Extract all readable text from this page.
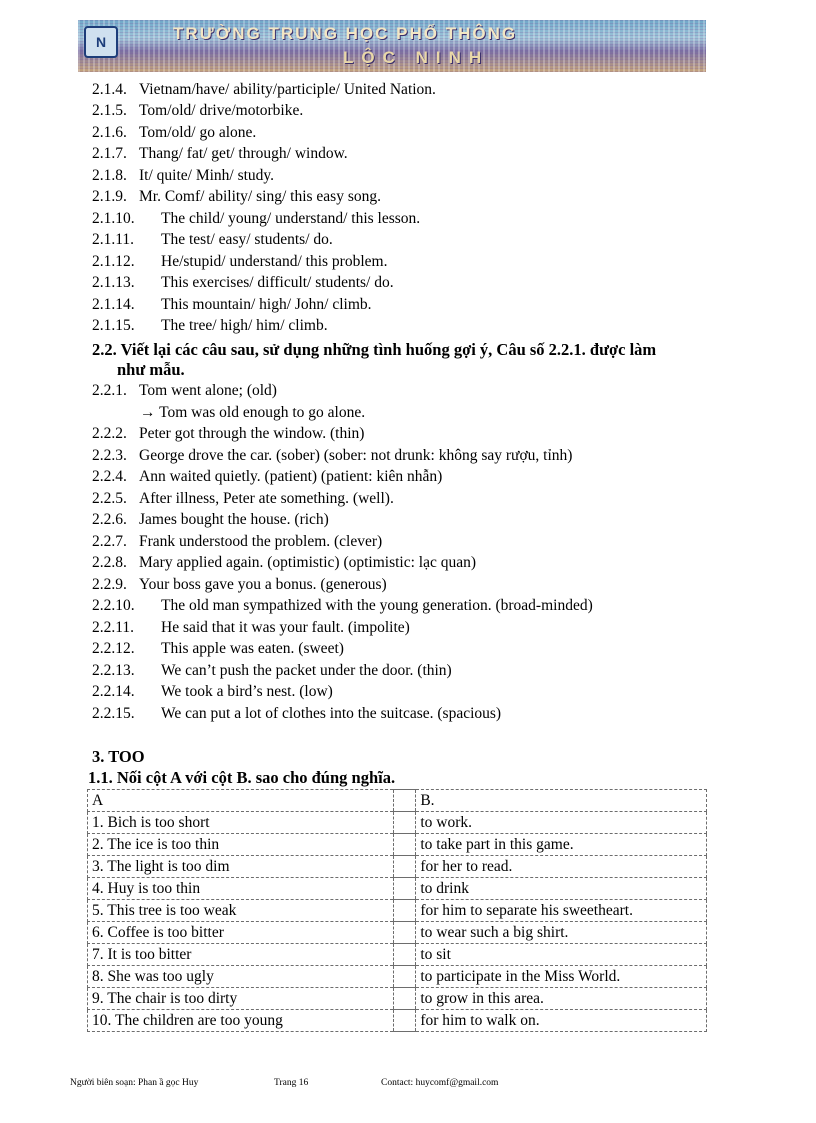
N	TRƯỜNG TRUNG HỌC PHỔ THÔNG
LỘC NINH
2.1.4. Vietnam/have/ ability/participle/ United Nation.
2.1.5. Tom/old/ drive/motorbike.
2.1.6. Tom/old/ go alone.
2.1.7. Thang/ fat/ get/ through/ window.
2.1.8. It/ quite/ Minh/ study.
2.1.9. Mr. Comf/ ability/ sing/ this easy song.
2.1.10. The child/ young/ understand/ this lesson.
2.1.11. The test/ easy/ students/ do.
2.1.12. He/stupid/ understand/ this problem.
2.1.13. This exercises/ difficult/ students/ do.
2.1.14. This mountain/ high/ John/ climb.
2.1.15. The tree/ high/ him/ climb.
2.2. Viết lại các câu sau, sử dụng những tình huống gợi ý, Câu số 2.2.1. được làm
như mẫu.
2.2.1. Tom went alone; (old)
→ Tom was old enough to go alone.
2.2.2. Peter got through the window. (thin)
2.2.3. George drove the car. (sober) (sober: not drunk: không say rượu, tỉnh)
2.2.4. Ann waited quietly. (patient) (patient: kiên nhẫn)
2.2.5. After illness, Peter ate something. (well).
2.2.6. James bought the house. (rich)
2.2.7. Frank understood the problem. (clever)
2.2.8. Mary applied again. (optimistic) (optimistic: lạc quan)
2.2.9. Your boss gave you a bonus. (generous)
2.2.10. The old man sympathized with the young generation. (broad-minded)
2.2.11. He said that it was your fault. (impolite)
2.2.12. This apple was eaten. (sweet)
2.2.13. We can’t push the packet under the door. (thin)
2.2.14. We took a bird’s nest. (low)
2.2.15. We can put a lot of clothes into the suitcase. (spacious)
3. TOO
1.1. Nối cột A với cột B. sao cho đúng nghĩa.
A		B.
1. Bich is too short		to work.
2. The ice is too thin		to take part in this game.
3. The light is too dim		for her to read.
4. Huy is too thin		to drink
5. This tree is too weak		for him to separate his sweetheart.
6. Coffee is too bitter		to wear such a big shirt.
7. It is too bitter		to sit
8. She was too ugly		to participate in the Miss World.
9. The chair is too dirty		to grow in this area.
10. The children are too young		for him to walk on.
Người biên soạn: Phan ầ gọc Huy	Trang 16	Contact: huycomf@gmail.com
